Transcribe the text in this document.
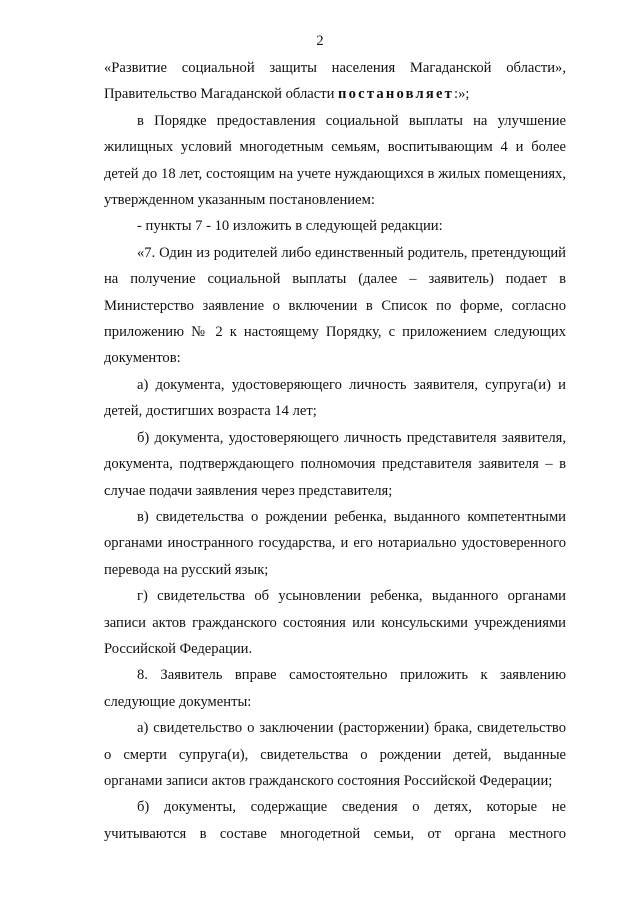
2

«Развитие социальной защиты населения Магаданской области», Правительство Магаданской области постановляет:»;

в Порядке предоставления социальной выплаты на улучшение жилищных условий многодетным семьям, воспитывающим 4 и более детей до 18 лет, состоящим на учете нуждающихся в жилых помещениях, утвержденном указанным постановлением:

- пункты 7 - 10 изложить в следующей редакции:

«7. Один из родителей либо единственный родитель, претендующий на получение социальной выплаты (далее – заявитель) подает в Министерство заявление о включении в Список по форме, согласно приложению № 2 к настоящему Порядку, с приложением следующих документов:

а) документа, удостоверяющего личность заявителя, супруга(и) и детей, достигших возраста 14 лет;

б) документа, удостоверяющего личность представителя заявителя, документа, подтверждающего полномочия представителя заявителя – в случае подачи заявления через представителя;

в) свидетельства о рождении ребенка, выданного компетентными органами иностранного государства, и его нотариально удостоверенного перевода на русский язык;

г) свидетельства об усыновлении ребенка, выданного органами записи актов гражданского состояния или консульскими учреждениями Российской Федерации.

8. Заявитель вправе самостоятельно приложить к заявлению следующие документы:

а) свидетельство о заключении (расторжении) брака, свидетельство о смерти супруга(и), свидетельства о рождении детей, выданные органами записи актов гражданского состояния Российской Федерации;

б) документы, содержащие сведения о детях, которые не учитываются в составе многодетной семьи, от органа местного
